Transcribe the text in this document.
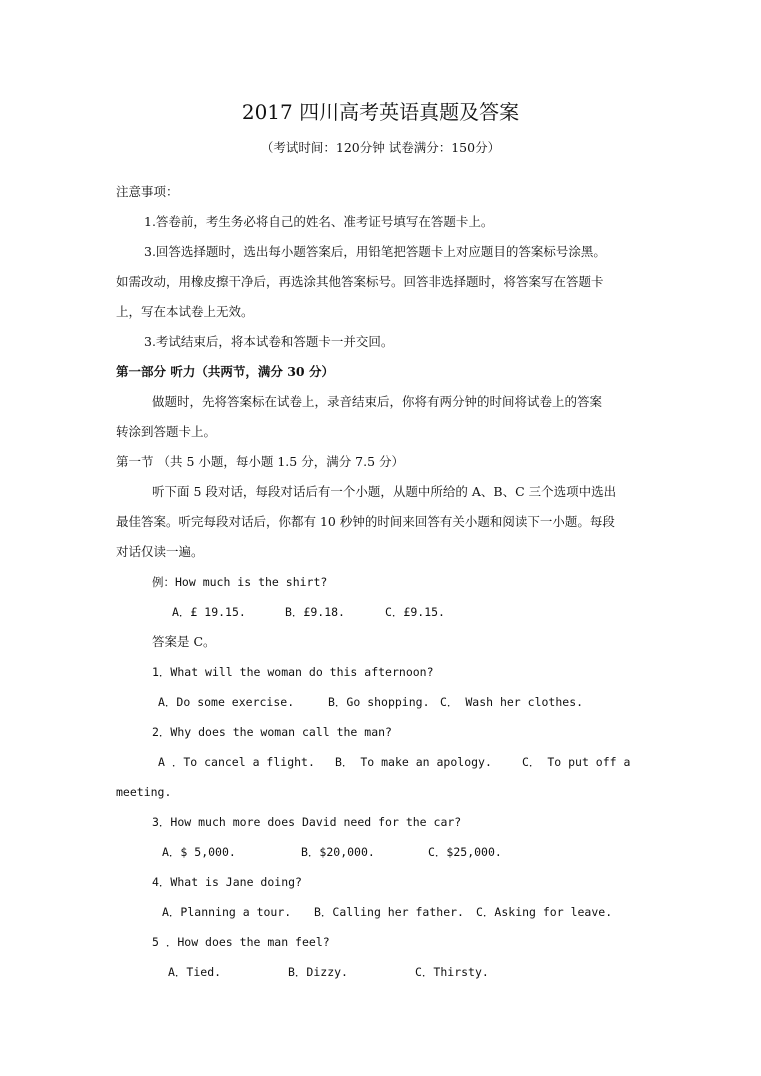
2017 四川高考英语真题及答案
（考试时间：120分钟 试卷满分：150分）
注意事项：
1.答卷前，考生务必将自己的姓名、准考证号填写在答题卡上。
3.回答选择题时，选出每小题答案后，用铅笔把答题卡上对应题目的答案标号涂黑。
如需改动，用橡皮擦干净后，再选涂其他答案标号。回答非选择题时，将答案写在答题卡
上，写在本试卷上无效。
3.考试结束后，将本试卷和答题卡一并交回。
第一部分 听力（共两节，满分 30 分）
做题时，先将答案标在试卷上，录音结束后，你将有两分钟的时间将试卷上的答案
转涂到答题卡上。
第一节 （共 5 小题，每小题 1.5 分，满分 7.5 分）
听下面 5 段对话，每段对话后有一个小题，从题中所给的 A、B、C 三个选项中选出
最佳答案。听完每段对话后，你都有 10 秒钟的时间来回答有关小题和阅读下一小题。每段
对话仅读一遍。
例：How much is the shirt?
A．£ 19.15.	B．£9.18.	C．£9.15.
答案是 C。
1．What will the woman do this afternoon?
A．Do some exercise.	B．Go shopping. C． Wash her clothes.
2．Why does the woman call the man?
A ．To cancel a flight. B． To make an apology.	C． To put off a
meeting.
3．How much more does David need for the car?
A．$ 5,000.	B．$20,000.	C．$25,000.
4．What is Jane doing?
A．Planning a tour. B．Calling her father. C．Asking for leave.
5 ．How does the man feel?
A．Tied.	B．Dizzy.	C．Thirsty.
